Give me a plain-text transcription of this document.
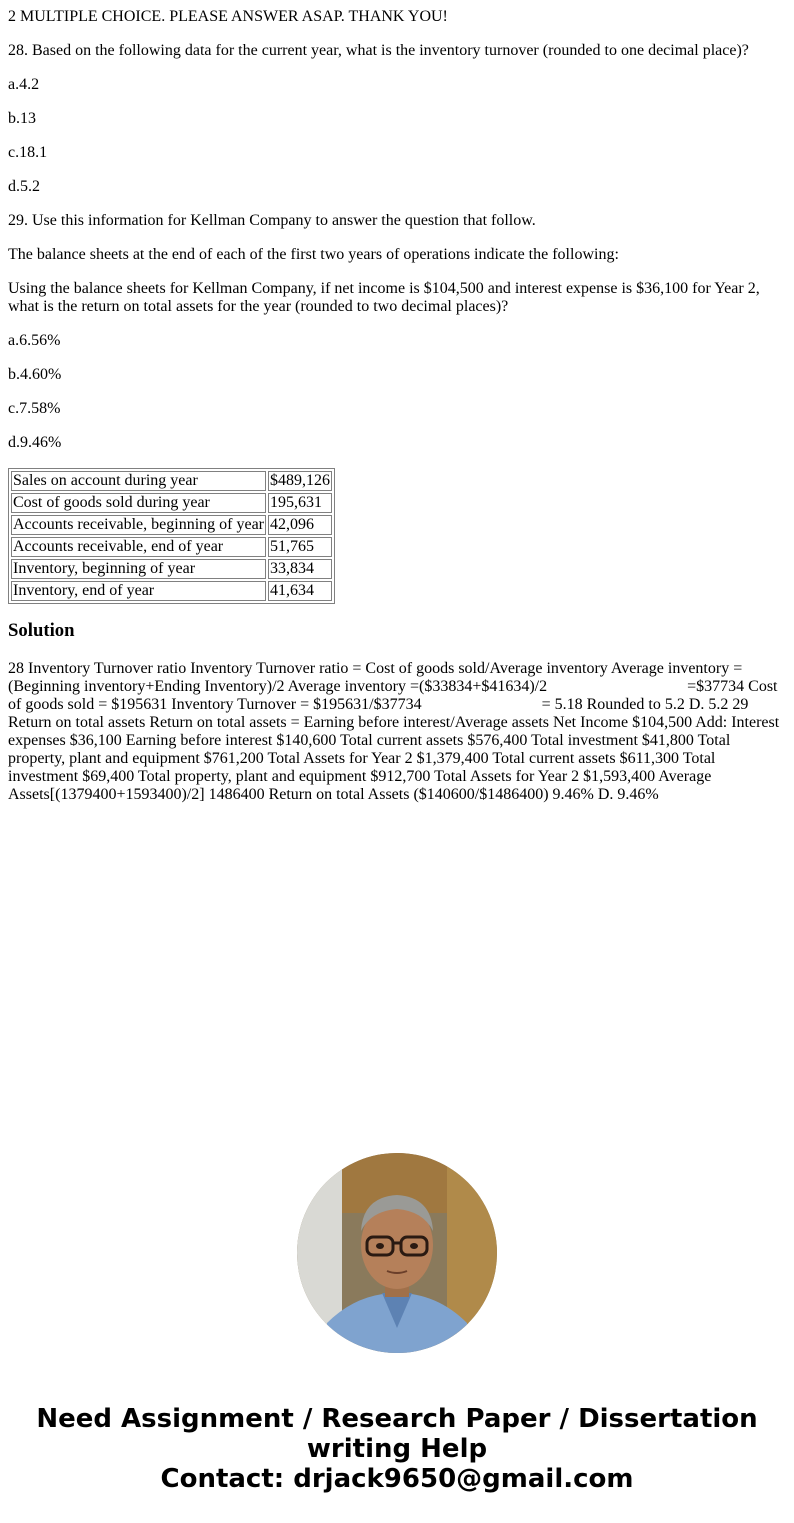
2 MULTIPLE CHOICE. PLEASE ANSWER ASAP. THANK YOU!

28. Based on the following data for the current year, what is the inventory turnover (rounded to one decimal place)?

a.4.2

b.13

c.18.1

d.5.2

29. Use this information for Kellman Company to answer the question that follow.

The balance sheets at the end of each of the first two years of operations indicate the following:

Using the balance sheets for Kellman Company, if net income is $104,500 and interest expense is $36,100 for Year 2, what is the return on total assets for the year (rounded to two decimal places)?

a.6.56%

b.4.60%

c.7.58%

d.9.46%

Sales on account during year	$489,126
Cost of goods sold during year	195,631
Accounts receivable, beginning of year	42,096
Accounts receivable, end of year	51,765
Inventory, beginning of year	33,834
Inventory, end of year	41,634
Solution

28 Inventory Turnover ratio Inventory Turnover ratio = Cost of goods sold/Average inventory Average inventory = (Beginning inventory+Ending Inventory)/2 Average inventory =($33834+$41634)/2                                   =$37734 Cost of goods sold = $195631 Inventory Turnover = $195631/$37734                              = 5.18 Rounded to 5.2 D. 5.2 29 Return on total assets Return on total assets = Earning before interest/Average assets Net Income $104,500 Add: Interest expenses $36,100 Earning before interest $140,600 Total current assets $576,400 Total investment $41,800 Total property, plant and equipment $761,200 Total Assets for Year 2 $1,379,400 Total current assets $611,300 Total investment $69,400 Total property, plant and equipment $912,700 Total Assets for Year 2 $1,593,400 Average Assets[(1379400+1593400)/2] 1486400 Return on total Assets ($140600/$1486400) 9.46% D. 9.46%

Need Assignment / Research Paper / Dissertation
writing Help
Contact: drjack9650@gmail.com
